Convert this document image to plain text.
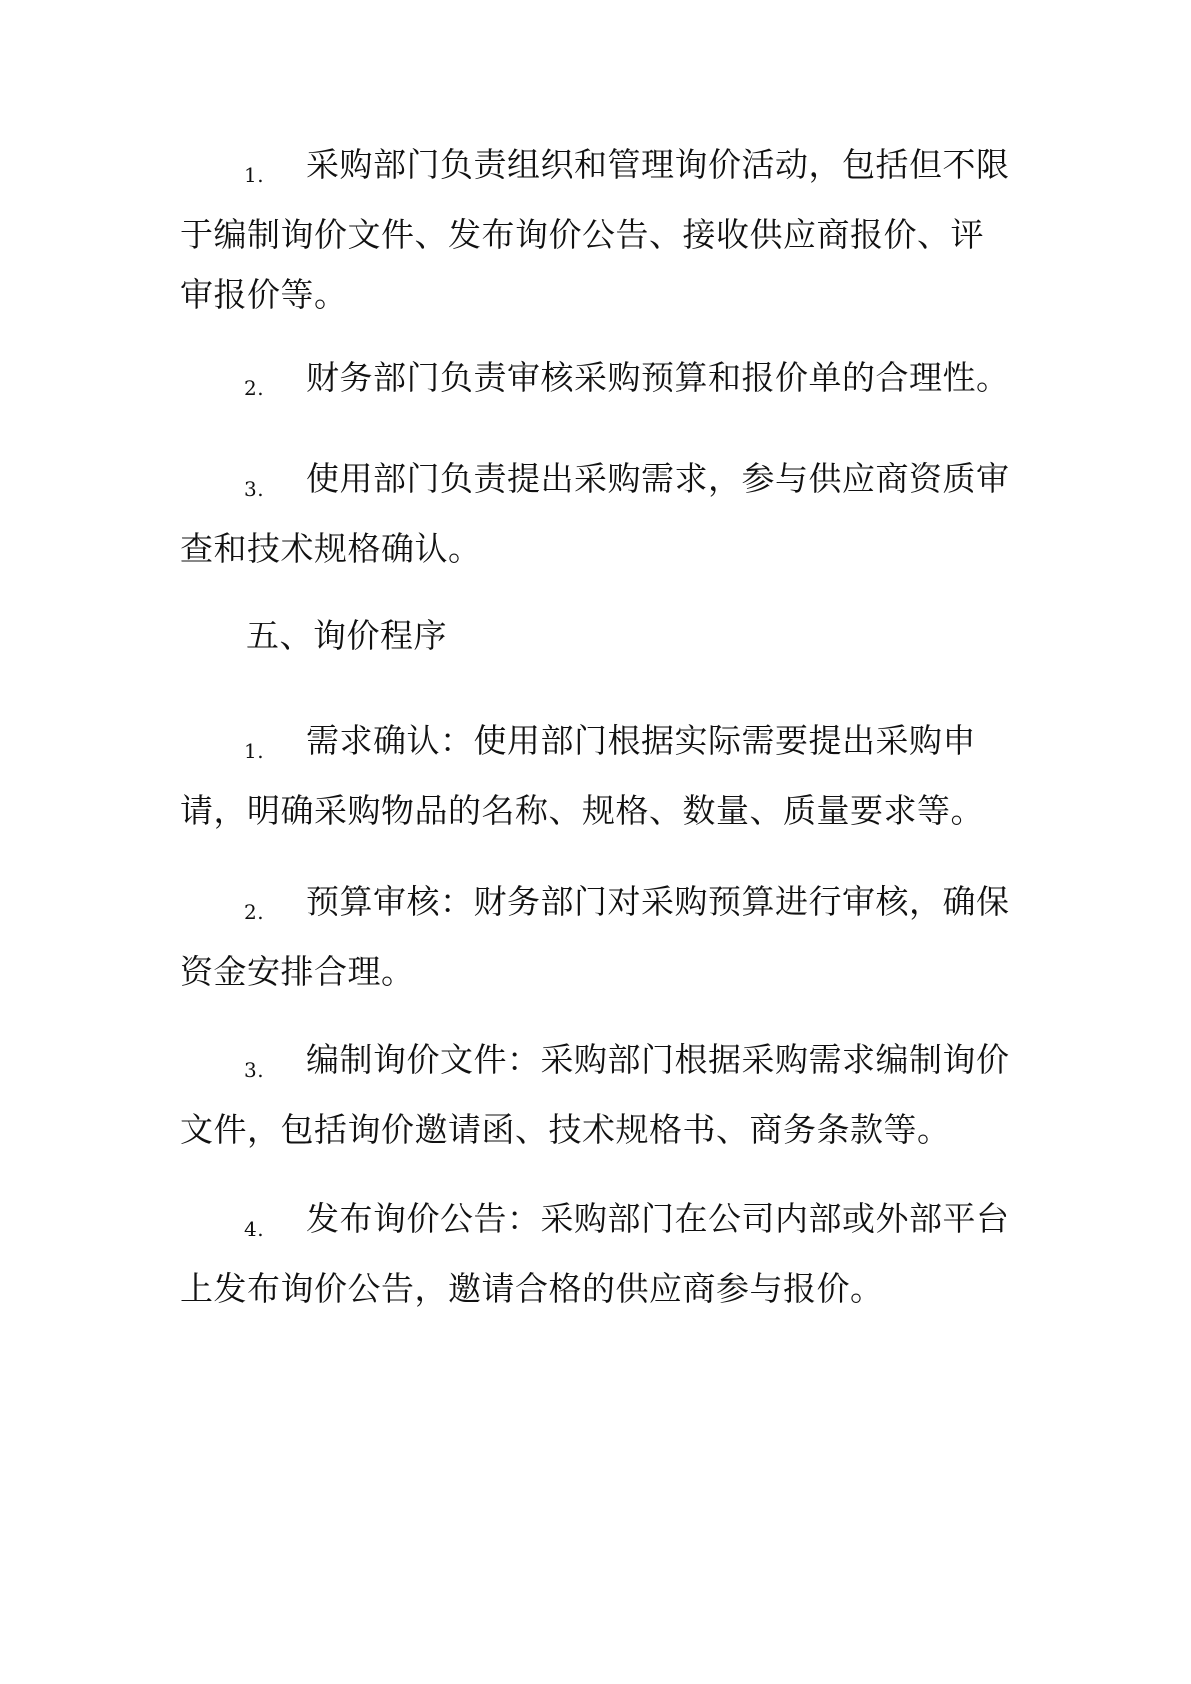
1. 采购部门负责组织和管理询价活动，包括但不限于编制询价文件、发布询价公告、接收供应商报价、评审报价等。
2. 财务部门负责审核采购预算和报价单的合理性。
3. 使用部门负责提出采购需求，参与供应商资质审查和技术规格确认。
五、询价程序
1. 需求确认：使用部门根据实际需要提出采购申请，明确采购物品的名称、规格、数量、质量要求等。
2. 预算审核：财务部门对采购预算进行审核，确保资金安排合理。
3. 编制询价文件：采购部门根据采购需求编制询价文件，包括询价邀请函、技术规格书、商务条款等。
4. 发布询价公告：采购部门在公司内部或外部平台上发布询价公告，邀请合格的供应商参与报价。
